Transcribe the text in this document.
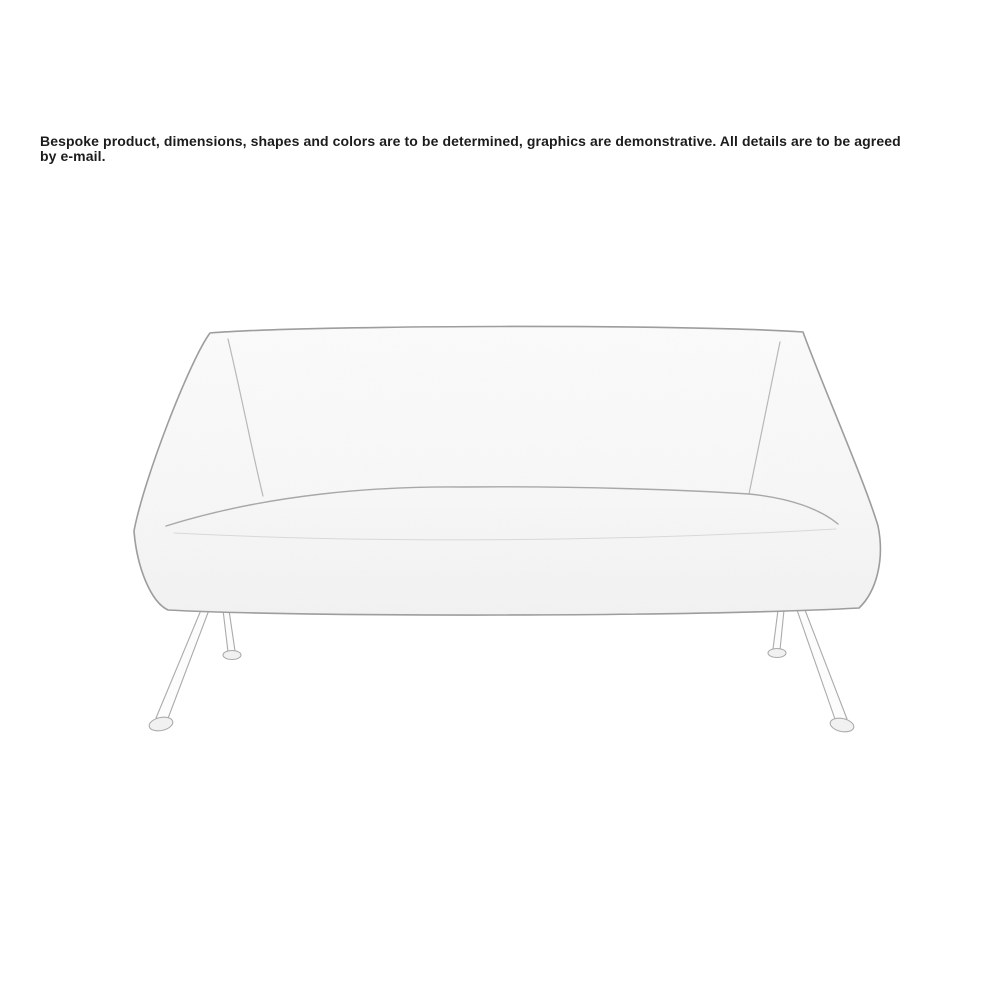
Bespoke product, dimensions, shapes and colors are to be determined, graphics are demonstrative. All details are to be agreed
by e-mail.
